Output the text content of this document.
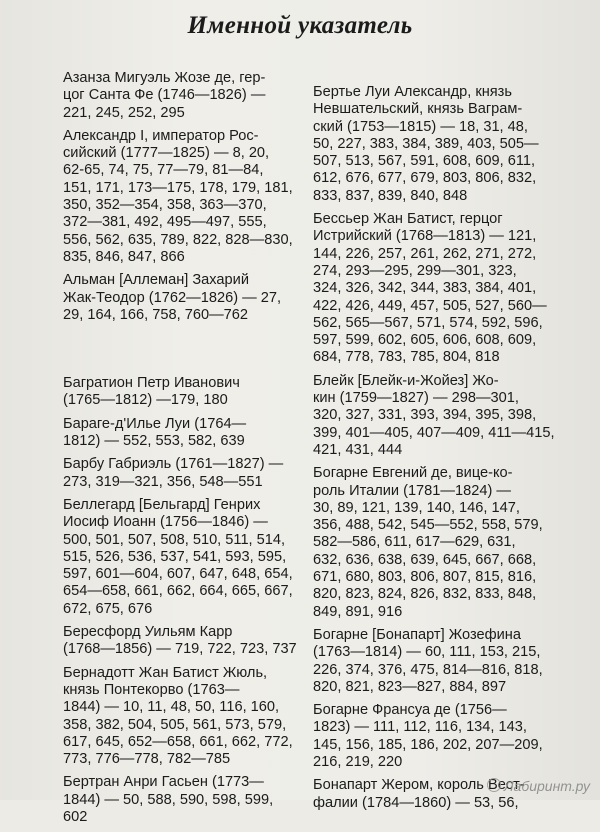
Именной указатель
Азанза Мигуэль Жозе де, гер-
цог Санта Фе (1746—1826) —
221, 245, 252, 295
Александр I, император Рос-
сийский (1777—1825) — 8, 20,
62-65, 74, 75, 77—79, 81—84,
151, 171, 173—175, 178, 179, 181,
350, 352—354, 358, 363—370,
372—381, 492, 495—497, 555,
556, 562, 635, 789, 822, 828—830,
835, 846, 847, 866
Альман [Аллеман] Захарий
Жак-Теодор (1762—1826) — 27,
29, 164, 166, 758, 760—762
Багратион Петр Иванович
(1765—1812) —179, 180
Бараге-д'Илье Луи (1764—
1812) — 552, 553, 582, 639
Барбу Габриэль (1761—1827) —
273, 319—321, 356, 548—551
Беллегард [Бельгард] Генрих
Иосиф Иоанн (1756—1846) —
500, 501, 507, 508, 510, 511, 514,
515, 526, 536, 537, 541, 593, 595,
597, 601—604, 607, 647, 648, 654,
654—658, 661, 662, 664, 665, 667,
672, 675, 676
Бересфорд Уильям Карр
(1768—1856) — 719, 722, 723, 737
Бернадотт Жан Батист Жюль,
князь Понтекорво (1763—
1844) — 10, 11, 48, 50, 116, 160,
358, 382, 504, 505, 561, 573, 579,
617, 645, 652—658, 661, 662, 772,
773, 776—778, 782—785
Бертран Анри Гасьен (1773—
1844) — 50, 588, 590, 598, 599,
602
Бертье Луи Александр, князь
Невшательский, князь Ваграм-
ский (1753—1815) — 18, 31, 48,
50, 227, 383, 384, 389, 403, 505—
507, 513, 567, 591, 608, 609, 611,
612, 676, 677, 679, 803, 806, 832,
833, 837, 839, 840, 848
Бессьер Жан Батист, герцог
Истрийский (1768—1813) — 121,
144, 226, 257, 261, 262, 271, 272,
274, 293—295, 299—301, 323,
324, 326, 342, 344, 383, 384, 401,
422, 426, 449, 457, 505, 527, 560—
562, 565—567, 571, 574, 592, 596,
597, 599, 602, 605, 606, 608, 609,
684, 778, 783, 785, 804, 818
Блейк [Блейк-и-Жойез] Жо-
кин (1759—1827) — 298—301,
320, 327, 331, 393, 394, 395, 398,
399, 401—405, 407—409, 411—415,
421, 431, 444
Богарне Евгений де, вице-ко-
роль Италии (1781—1824) —
30, 89, 121, 139, 140, 146, 147,
356, 488, 542, 545—552, 558, 579,
582—586, 611, 617—629, 631,
632, 636, 638, 639, 645, 667, 668,
671, 680, 803, 806, 807, 815, 816,
820, 823, 824, 826, 832, 833, 848,
849, 891, 916
Богарне [Бонапарт] Жозефина
(1763—1814) — 60, 111, 153, 215,
226, 374, 376, 475, 814—816, 818,
820, 821, 823—827, 884, 897
Богарне Франсуа де (1756—
1823) — 111, 112, 116, 134, 143,
145, 156, 185, 186, 202, 207—209,
216, 219, 220
Бонапарт Жером, король Вест-
фалии (1784—1860) — 53, 56,
Лабиринт.ру
